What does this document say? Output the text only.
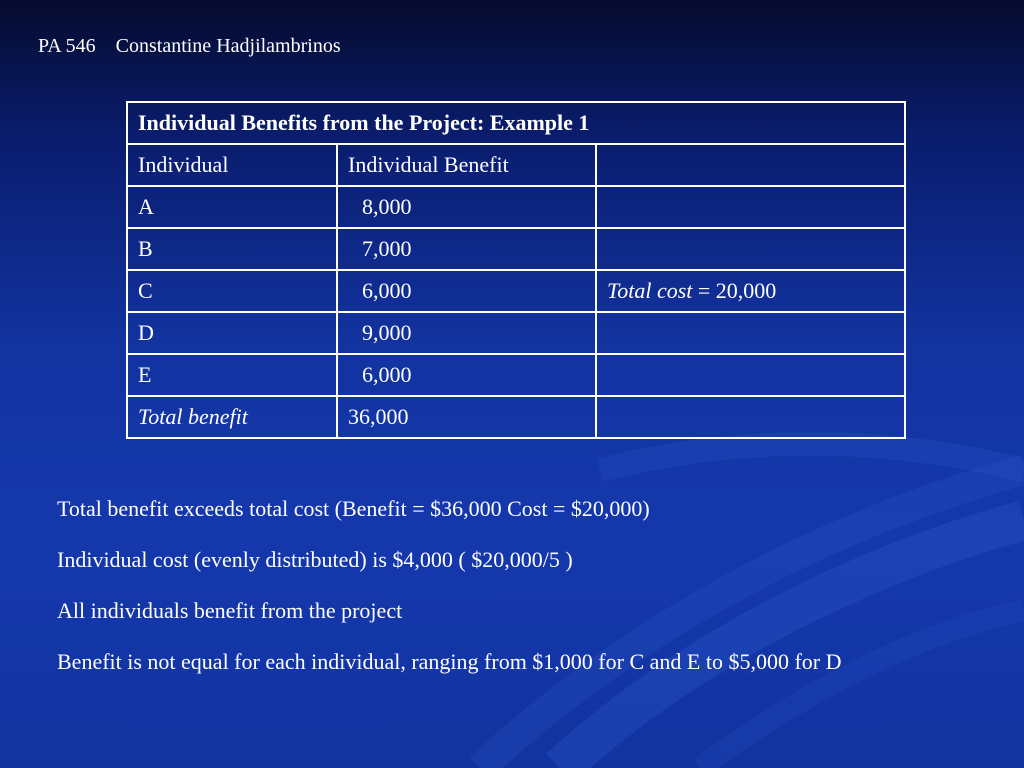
PA 546 Constantine Hadjilambrinos
Individual Benefits from the Project: Example 1		
Individual	Individual Benefit	
A	8,000	
B	7,000	
C	6,000	Total cost = 20,000
D	9,000	
E	6,000	
Total benefit	36,000	

Total benefit exceeds total cost (Benefit = $36,000 Cost = $20,000)

Individual cost (evenly distributed) is $4,000 ( $20,000/5 )

All individuals benefit from the project

Benefit is not equal for each individual, ranging from $1,000 for C and E to $5,000 for D
